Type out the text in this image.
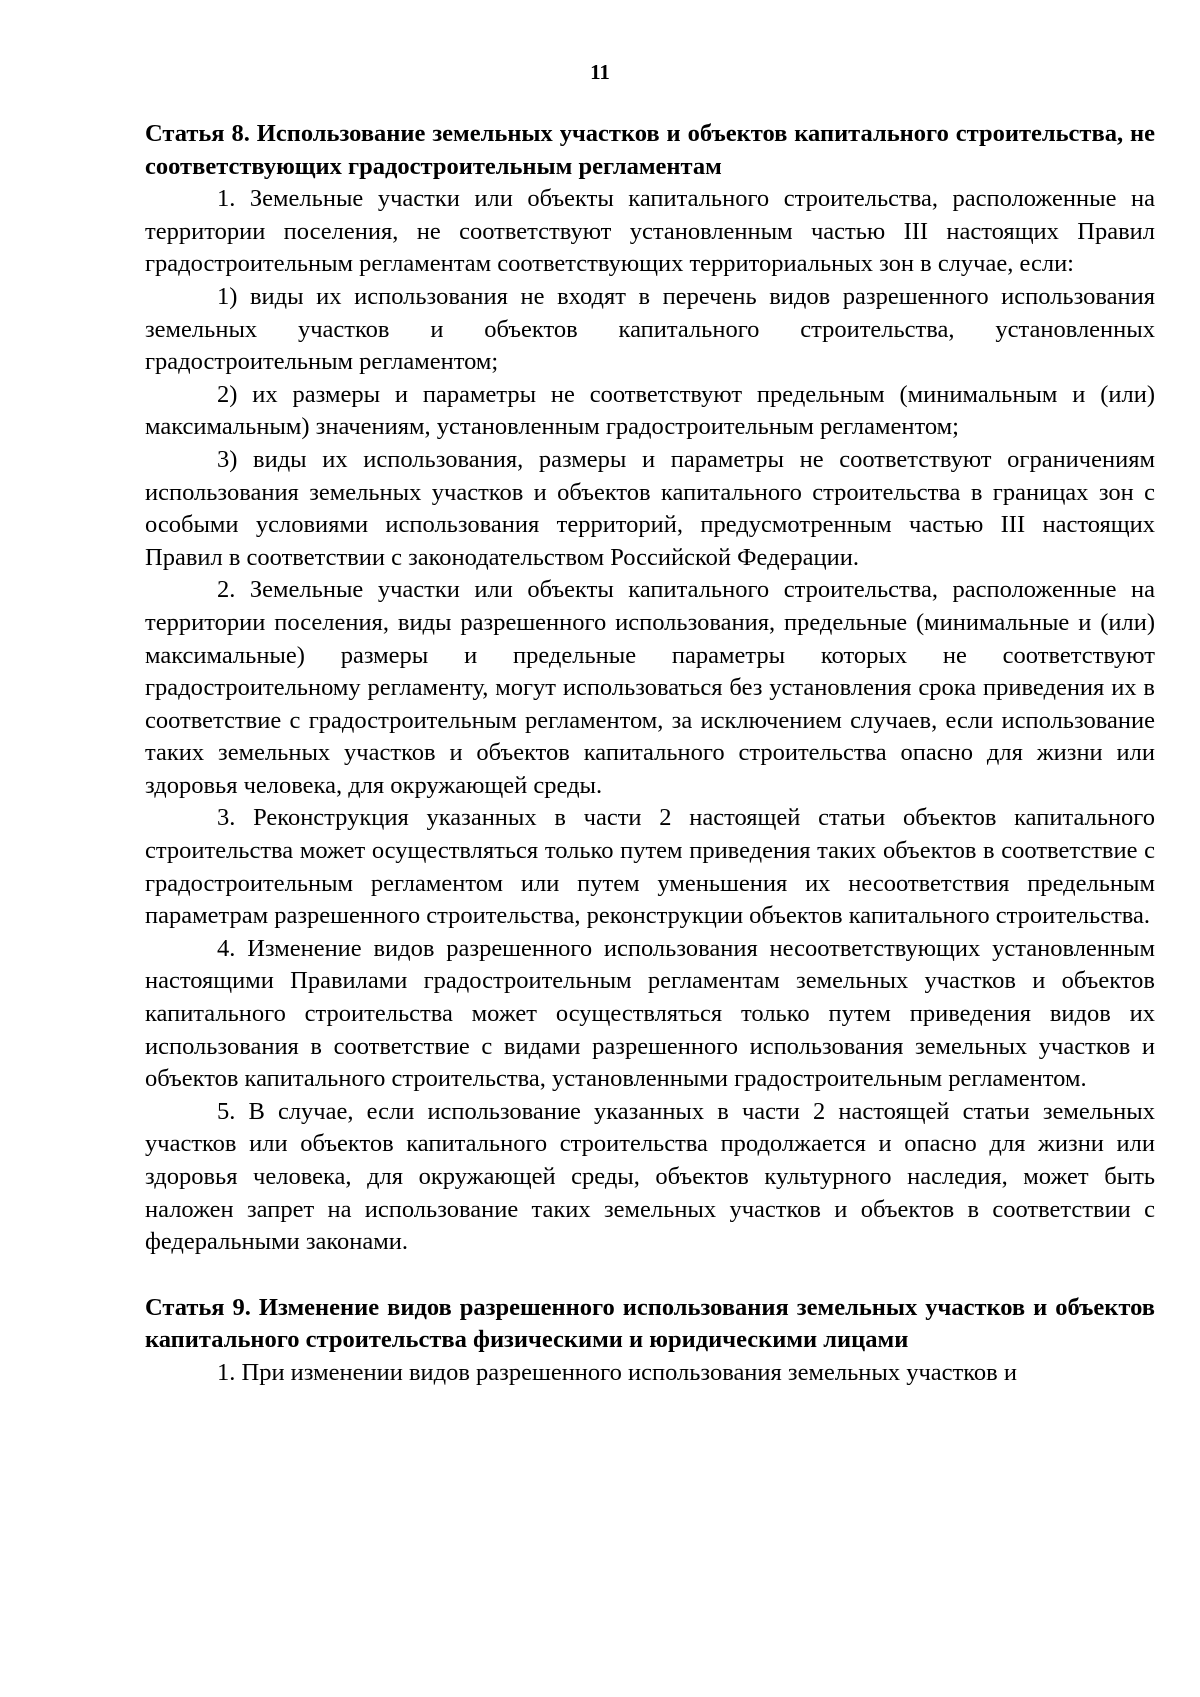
11

Статья 8. Использование земельных участков и объектов капитального строительства, не соответствующих градостроительным регламентам

1. Земельные участки или объекты капитального строительства, расположенные на территории поселения, не соответствуют установленным частью III настоящих Правил градостроительным регламентам соответствующих территориальных зон в случае, если:

1) виды их использования не входят в перечень видов разрешенного использования земельных участков и объектов капитального строительства, установленных градостроительным регламентом;

2) их размеры и параметры не соответствуют предельным (минимальным и (или) максимальным) значениям, установленным градостроительным регламентом;

3) виды их использования, размеры и параметры не соответствуют ограничениям использования земельных участков и объектов капитального строительства в границах зон с особыми условиями использования территорий, предусмотренным частью III настоящих Правил в соответствии с законодательством Российской Федерации.

2. Земельные участки или объекты капитального строительства, расположенные на территории поселения, виды разрешенного использования, предельные (минимальные и (или) максимальные) размеры и предельные параметры которых не соответствуют градостроительному регламенту, могут использоваться без установления срока приведения их в соответствие с градостроительным регламентом, за исключением случаев, если использование таких земельных участков и объектов капитального строительства опасно для жизни или здоровья человека, для окружающей среды.

3. Реконструкция указанных в части 2 настоящей статьи объектов капитального строительства может осуществляться только путем приведения таких объектов в соответствие с градостроительным регламентом или путем уменьшения их несоответствия предельным параметрам разрешенного строительства, реконструкции объектов капитального строительства.

4. Изменение видов разрешенного использования несоответствующих установленным настоящими Правилами градостроительным регламентам земельных участков и объектов капитального строительства может осуществляться только путем приведения видов их использования в соответствие с видами разрешенного использования земельных участков и объектов капитального строительства, установленными градостроительным регламентом.

5. В случае, если использование указанных в части 2 настоящей статьи земельных участков или объектов капитального строительства продолжается и опасно для жизни или здоровья человека, для окружающей среды, объектов культурного наследия, может быть наложен запрет на использование таких земельных участков и объектов в соответствии с федеральными законами.

Статья 9. Изменение видов разрешенного использования земельных участков и объектов капитального строительства физическими и юридическими лицами

1. При изменении видов разрешенного использования земельных участков и
